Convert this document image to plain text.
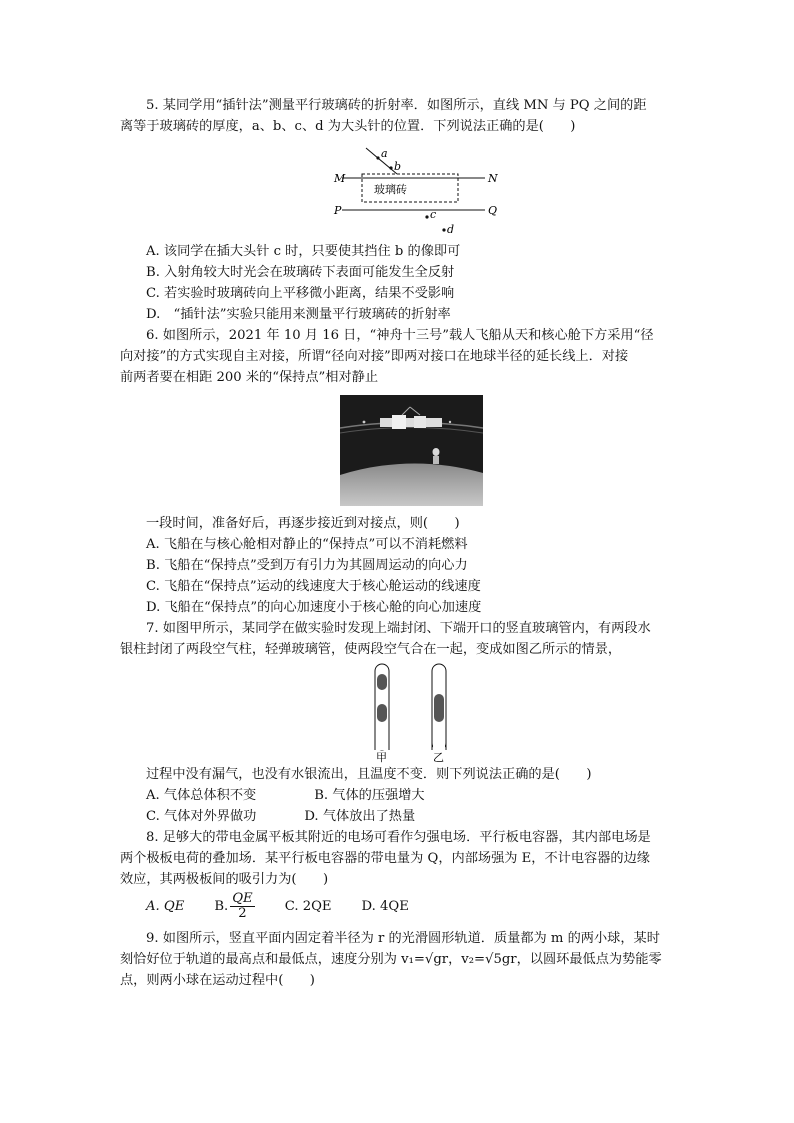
5. 某同学用“插针法”测量平行玻璃砖的折射率．如图所示，直线 MN 与 PQ 之间的距
离等于玻璃砖的厚度，a、b、c、d 为大头针的位置．下列说法正确的是(　　)
M	N
P	Q
a
b
c
d
玻璃砖
A. 该同学在插大头针 c 时，只要使其挡住 b 的像即可
B. 入射角较大时光会在玻璃砖下表面可能发生全反射
C. 若实验时玻璃砖向上平移微小距离，结果不受影响
D.　“插针法”实验只能用来测量平行玻璃砖的折射率
6. 如图所示，2021 年 10 月 16 日，“神舟十三号”载人飞船从天和核心舱下方采用“径
向对接”的方式实现自主对接，所谓“径向对接”即两对接口在地球半径的延长线上．对接
前两者要在相距 200 米的“保持点”相对静止
一段时间，准备好后，再逐步接近到对接点，则(　　)
A. 飞船在与核心舱相对静止的“保持点”可以不消耗燃料
B. 飞船在“保持点”受到万有引力为其圆周运动的向心力
C. 飞船在“保持点”运动的线速度大于核心舱运动的线速度
D. 飞船在“保持点”的向心加速度小于核心舱的向心加速度
7. 如图甲所示，某同学在做实验时发现上端封闭、下端开口的竖直玻璃管内，有两段水
银柱封闭了两段空气柱，轻弹玻璃管，使两段空气合在一起，变成如图乙所示的情景，
甲	乙
过程中没有漏气，也没有水银流出，且温度不变．则下列说法正确的是(　　)
A. 气体总体积不变	B. 气体的压强增大
C. 气体对外界做功	D. 气体放出了热量
8. 足够大的带电金属平板其附近的电场可看作匀强电场．平行板电容器，其内部电场是
两个极板电荷的叠加场．某平行板电容器的带电量为 Q，内部场强为 E，不计电容器的边缘
效应，其两极板间的吸引力为(　　)
A. QE B. $\frac{QE}{2} C$. 2QE D. 4QE
9. 如图所示，竖直平面内固定着半径为 r 的光滑圆形轨道．质量都为 m 的两小球，某时
刻恰好位于轨道的最高点和最低点，速度分别为 v₁=√gr，v₂=√5gr，以圆环最低点为势能零
点，则两小球在运动过程中(　　)
